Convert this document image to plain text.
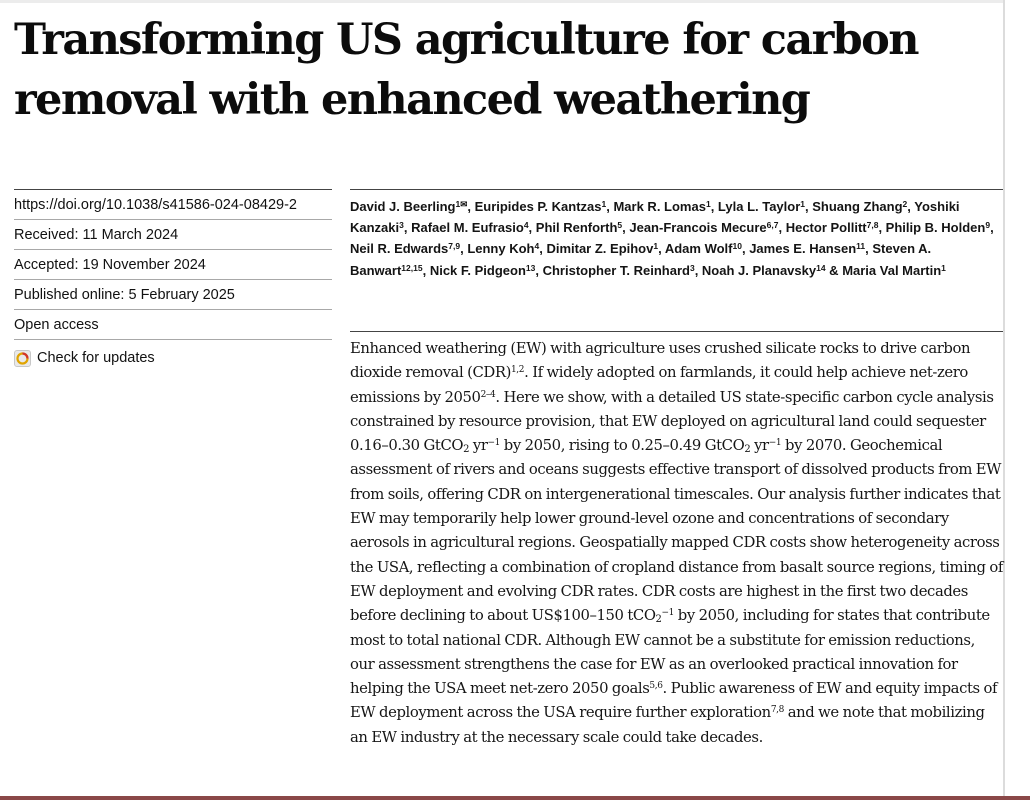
Transforming US agriculture for carbon
removal with enhanced weathering
https://doi.org/10.1038/s41586-024-08429-2
Received: 11 March 2024
Accepted: 19 November 2024
Published online: 5 February 2025
Open access
Check for updates

David J. Beerling$^{1✉}$, Euripides P. Kantzas$^1$, Mark R. Lomas$^1$, Lyla L. Taylor$^1$, Shuang Zhang$^2$, Yoshiki Kanzaki$^3$, Rafael M. Eufrasio$^4$, Phil Renforth$^5$, Jean-Francois Mecure$^{6,7}$, Hector Pollitt$^{7,8}$, Philip B. Holden$^9$, Neil R. Edwards$^{7,9}$, Lenny Koh$^4$, Dimitar Z. Epihov$^1$, Adam Wolf$^{10}$, James E. Hansen$^{11}$, Steven A. Banwart$^{12,15}$, Nick F. Pidgeon$^{13}$, Christopher T. Reinhard$^3$, Noah J. Planavsky$^{14}$ & Maria Val Martin$^1$

Enhanced weathering (EW) with agriculture uses crushed silicate rocks to drive carbon dioxide removal (CDR)$^{1,2}$. If widely adopted on farmlands, it could help achieve net-zero emissions by 2050$^{2-4}$. Here we show, with a detailed US state-specific carbon cycle analysis constrained by resource provision, that EW deployed on agricultural land could sequester 0.16–0.30 GtCO$_2$ $yr^{-1}$ by 2050, rising to 0.25–0.49 GtCO$_2$ $yr^{-1}$ by 2070. Geochemical assessment of rivers and oceans suggests effective transport of dissolved products from EW from soils, offering CDR on intergenerational timescales. Our analysis further indicates that EW may temporarily help lower ground-level ozone and concentrations of secondary aerosols in agricultural regions. Geospatially mapped CDR costs show heterogeneity across the USA, reflecting a combination of cropland distance from basalt source regions, timing of EW deployment and evolving CDR rates. CDR costs are highest in the first two decades before declining to about US$100–150 tCO$_2^{-1}$ by 2050, including for states that contribute most to total national CDR. Although EW cannot be a substitute for emission reductions, our assessment strengthens the case for EW as an overlooked practical innovation for helping the USA meet net-zero 2050 goals$^{5,6}$. Public awareness of EW and equity impacts of EW deployment across the USA require further exploration$^{7,8}$ and we note that mobilizing an EW industry at the necessary scale could take decades.
